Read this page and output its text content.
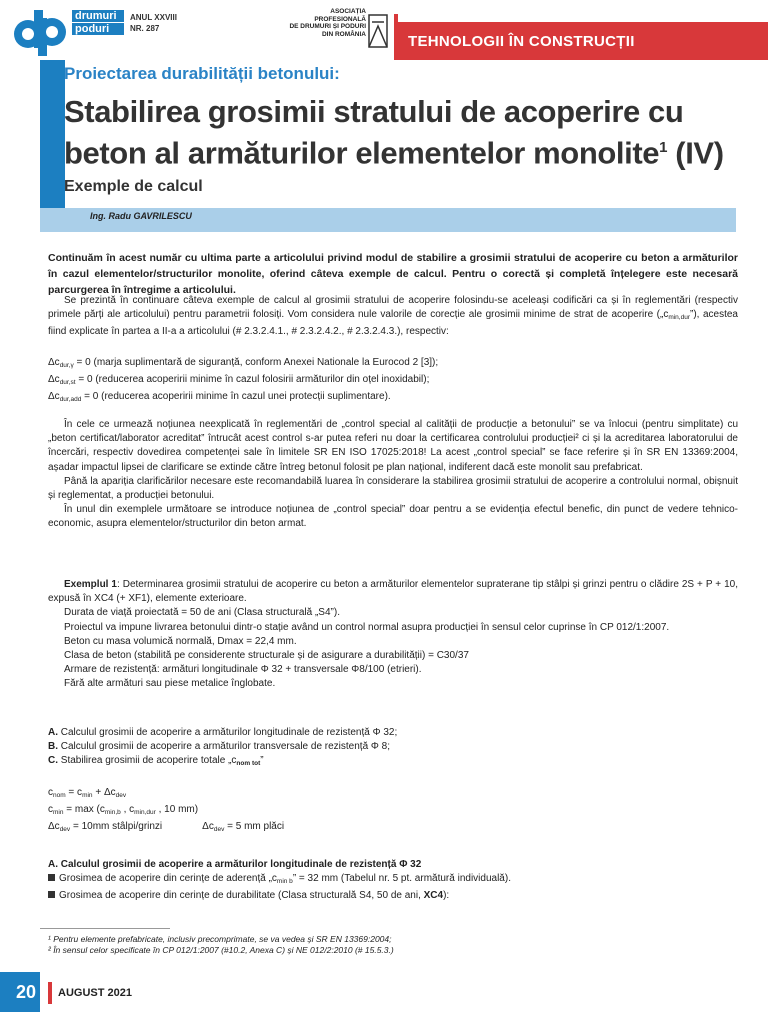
drumuri
poduri
ANUL XXVIII
NR. 287
ASOCIAȚIA
PROFESIONALĂ
DE DRUMURI ȘI PODURI
DIN ROMÂNIA	TEHNOLOGII ÎN CONSTRUCȚII
Proiectarea durabilității betonului:
Stabilirea grosimii stratului de acoperire cu
beton al armăturilor elementelor monolite$^1$ (IV)
Exemple de calcul
Ing. Radu GAVRILESCU
Continuăm în acest număr cu ultima parte a articolului privind modul de stabilire a grosimii stratului de acoperire cu beton a armăturilor în cazul elementelor/structurilor monolite, oferind câteva exemple de calcul. Pentru o corectă și completă înțelegere este necesară parcurgerea în întregime a articolului.

Se prezintă în continuare câteva exemple de calcul al grosimii stratului de acoperire folosindu-se aceleași codificări ca și în reglementări (respectiv primele părți ale articolului) pentru parametrii folosiți. Vom considera nule valorile de corecție ale grosimii minime de strat de acoperire $(„c_{min,dur}”)$, acestea fiind explicate în partea a II-a a articolului (# 2.3.2.4.1., # 2.3.2.4.2., # 2.3.2.4.3.), respectiv:

$\Delta c_{dur,\gamma} = 0$ (marja suplimentară de siguranță, conform Anexei Nationale la Eurocod 2 [3]);
$\Delta c_{dur,st} = 0$ (reducerea acoperirii minime în cazul folosirii armăturilor din oțel inoxidabil);
$\Delta c_{dur,add} = 0$ (reducerea acoperirii minime în cazul unei protecții suplimentare).

În cele ce urmează noțiunea neexplicată în reglementări de „control special al calității de producție a betonului” se va înlocui (pentru simplitate) cu „beton certificat/laborator acreditat” întrucât acest control s-ar putea referi nu doar la certificarea controlului producției² ci și la acreditarea laboratorului de încercări, respectiv dovedirea competenței sale în limitele SR EN ISO 17025:2018! La acest „control special” se face referire și în SR EN 13369:2004, așadar impactul lipsei de clarificare se extinde către întreg betonul folosit pe plan național, indiferent dacă este monolit sau prefabricat.

Până la apariția clarificărilor necesare este recomandabilă luarea în considerare la stabilirea grosimii stratului de acoperire a controlului normal, obișnuit și reglementat, a producției betonului.

În unul din exemplele următoare se introduce noțiunea de „control special” doar pentru a se evidenția efectul benefic, din punct de vedere tehnico-economic, asupra elementelor/structurilor din beton armat.

Exemplul 1: Determinarea grosimii stratului de acoperire cu beton a armăturilor elementelor supraterane tip stâlpi și grinzi pentru o clădire 2S + P + 10, expusă în XC4 (+ XF1), elemente exterioare.

Durata de viață proiectată = 50 de ani (Clasa structurală „S4”).

Proiectul va impune livrarea betonului dintr-o stație având un control normal asupra producției în sensul celor cuprinse în CP 012/1:2007.

Beton cu masa volumică normală, Dmax = 22,4 mm.

Clasa de beton (stabilită pe considerente structurale și de asigurare a durabilității) = C30/37

Armare de rezistență: armături longitudinale Φ 32 + transversale Φ8/100 (etrieri).

Fără alte armături sau piese metalice înglobate.

A. Calculul grosimii de acoperire a armăturilor longitudinale de rezistență Φ 32;
B. Calculul grosimii de acoperire a armăturilor transversale de rezistență Φ 8;
C. Stabilirea grosimii de acoperire totale $„c_{nom tot}$”
$c_{nom} = c_{min} + \Delta c_{dev}$
$c_{min} = \max (c_{min,b}$ , $c_{min,dur}$ , 10 mm)
$\Delta c_{dev} = 10mm$ stâlpi/grinzi	$\Delta c_{dev} = 5$ mm plăci
A. Calculul grosimii de acoperire a armăturilor longitudinale de rezistență Φ 32
Grosimea de acoperire din cerințe de aderență $„c_{min b}$” = 32 mm (Tabelul nr. 5 pt. armătură individuală).
Grosimea de acoperire din cerințe de durabilitate (Clasa structurală S4, 50 de ani, XC4):
¹ Pentru elemente prefabricate, inclusiv precomprimate, se va vedea și SR EN 13369:2004;
² În sensul celor specificate în CP 012/1:2007 (#10.2, Anexa C) și NE 012/2:2010 (# 15.5.3.)
20	AUGUST 2021
